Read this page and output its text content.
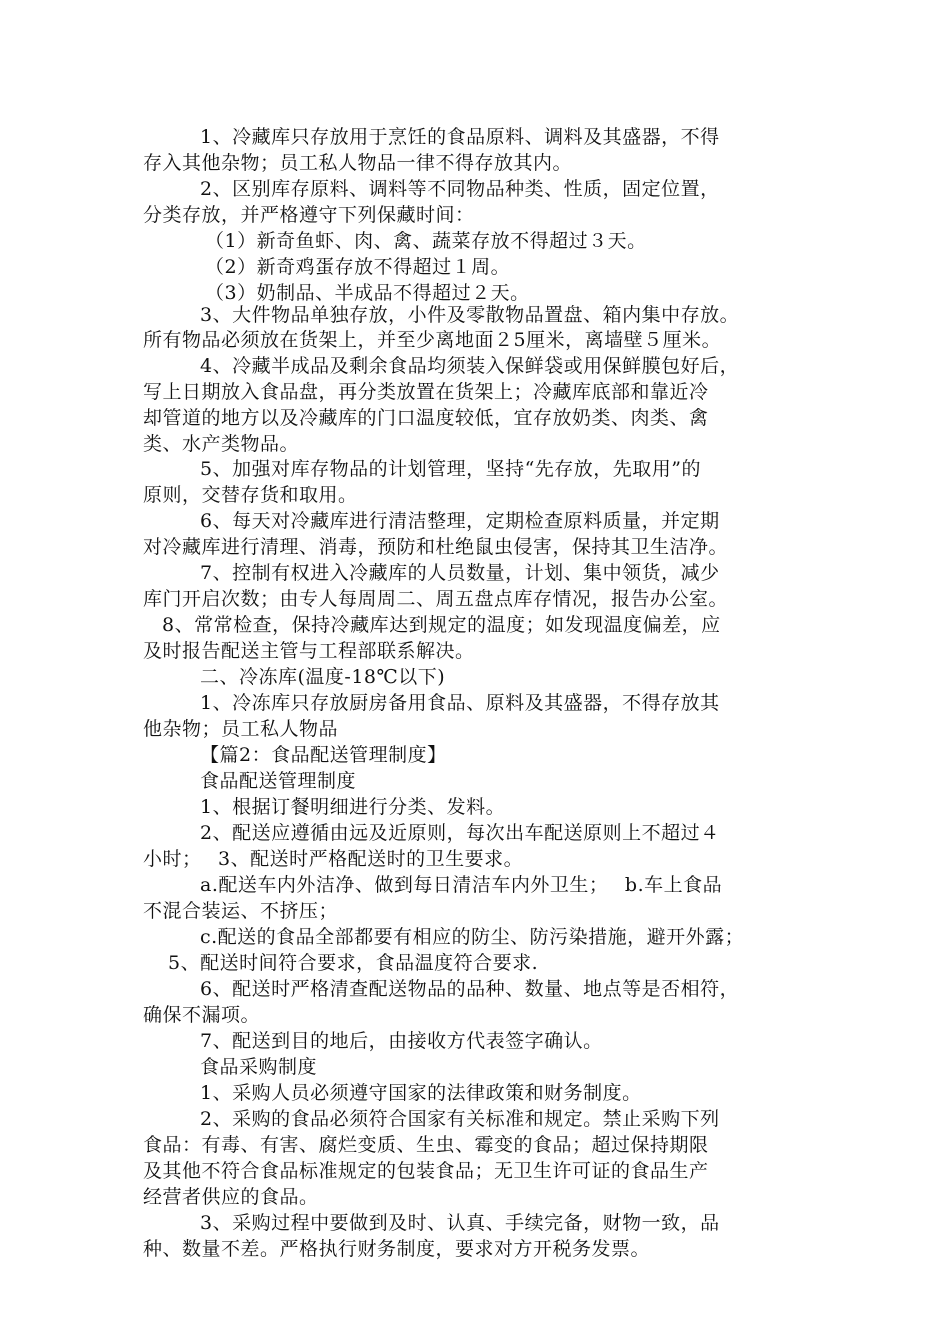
1、冷藏库只存放用于烹饪的食品原料、调料及其盛器，不得
存入其他杂物；员工私人物品一律不得存放其内。
2、区别库存原料、调料等不同物品种类、性质，固定位置，
分类存放，并严格遵守下列保藏时间：
（1）新奇鱼虾、肉、禽、蔬菜存放不得超过３天。
（2）新奇鸡蛋存放不得超过１周。
（3）奶制品、半成品不得超过２天。
3、大件物品单独存放，小件及零散物品置盘、箱内集中存放。
所有物品必须放在货架上，并至少离地面２5厘米，离墙壁５厘米。
4、冷藏半成品及剩余食品均须装入保鲜袋或用保鲜膜包好后，
写上日期放入食品盘，再分类放置在货架上；冷藏库底部和靠近冷
却管道的地方以及冷藏库的门口温度较低，宜存放奶类、肉类、禽
类、水产类物品。
5、加强对库存物品的计划管理，坚持“先存放，先取用”的
原则，交替存货和取用。
6、每天对冷藏库进行清洁整理，定期检查原料质量，并定期
对冷藏库进行清理、消毒，预防和杜绝鼠虫侵害，保持其卫生洁净。
7、控制有权进入冷藏库的人员数量，计划、集中领货，减少
库门开启次数；由专人每周周二、周五盘点库存情况，报告办公室。
8、常常检查，保持冷藏库达到规定的温度；如发现温度偏差，应
及时报告配送主管与工程部联系解决。
二、冷冻库(温度-18℃以下)
1、冷冻库只存放厨房备用食品、原料及其盛器，不得存放其
他杂物；员工私人物品
【篇2：食品配送管理制度】
食品配送管理制度
1、根据订餐明细进行分类、发料。
2、配送应遵循由远及近原则，每次出车配送原则上不超过４
小时；　 3、配送时严格配送时的卫生要求。
a.配送车内外洁净、做到每日清洁车内外卫生；　 b.车上食品
不混合装运、不挤压；
c.配送的食品全部都要有相应的防尘、防污染措施，避开外露；
5、配送时间符合要求，食品温度符合要求.
6、配送时严格清查配送物品的品种、数量、地点等是否相符，
确保不漏项。
7、配送到目的地后，由接收方代表签字确认。
食品采购制度
1、采购人员必须遵守国家的法律政策和财务制度。
2、采购的食品必须符合国家有关标准和规定。禁止采购下列
食品：有毒、有害、腐烂变质、生虫、霉变的食品；超过保持期限
及其他不符合食品标准规定的包装食品；无卫生许可证的食品生产
经营者供应的食品。
3、采购过程中要做到及时、认真、手续完备，财物一致，品
种、数量不差。严格执行财务制度，要求对方开税务发票。
